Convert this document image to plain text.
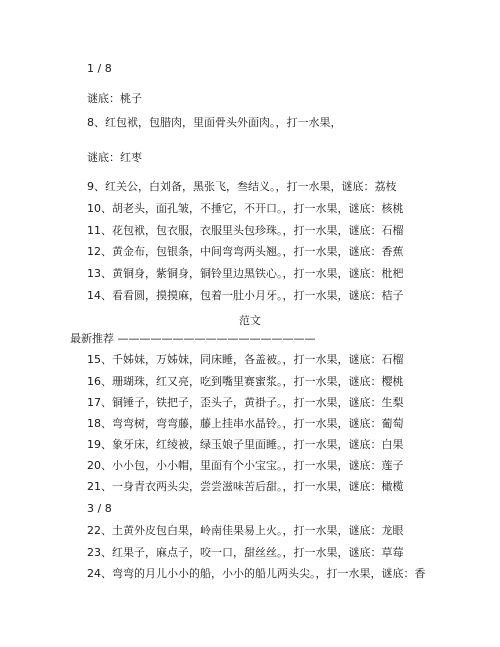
1 / 8
谜底：桃子
8、红包袱，包腊肉，里面骨头外面肉。，打一水果，
谜底：红枣
9、红关公，白刘备，黑张飞，叁结义。，打一水果，谜底：荔枝
10、胡老头，面孔皱，不捶它，不开口。，打一水果，谜底：核桃
11、花包袱，包衣服，衣服里头包珍珠。，打一水果，谜底：石榴
12、黄金布，包银条，中间弯弯两头翘。，打一水果，谜底：香蕉
13、黄铜身，紫铜身，铜铃里边黑铁心。，打一水果，谜底：枇杷
14、看看圆，摸摸麻，包着一肚小月牙。，打一水果，谜底：桔子
范文
最新推荐 ——————————————————
15、千姊妹，万姊妹，同床睡，各盖被。，打一水果，谜底：石榴
16、珊瑚珠，红又亮，吃到嘴里赛蜜浆。，打一水果，谜底：樱桃
17、铜锤子，铁把子，歪头子，黄褂子。，打一水果，谜底：生梨
18、弯弯树，弯弯藤，藤上挂串水晶铃。，打一水果，谜底：葡萄
19、象牙床，红绫被，绿玉娘子里面睡。，打一水果，谜底：白果
20、小小包，小小帽，里面有个小宝宝。，打一水果，谜底：莲子
21、一身青衣两头尖，尝尝滋味苦后甜。，打一水果，谜底：橄榄
3 / 8
22、土黄外皮包白果，岭南佳果易上火。，打一水果，谜底：龙眼
23、红果子，麻点子，咬一口，甜丝丝。，打一水果，谜底：草莓
24、弯弯的月儿小小的船，小小的船儿两头尖。，打一水果，谜底：香
